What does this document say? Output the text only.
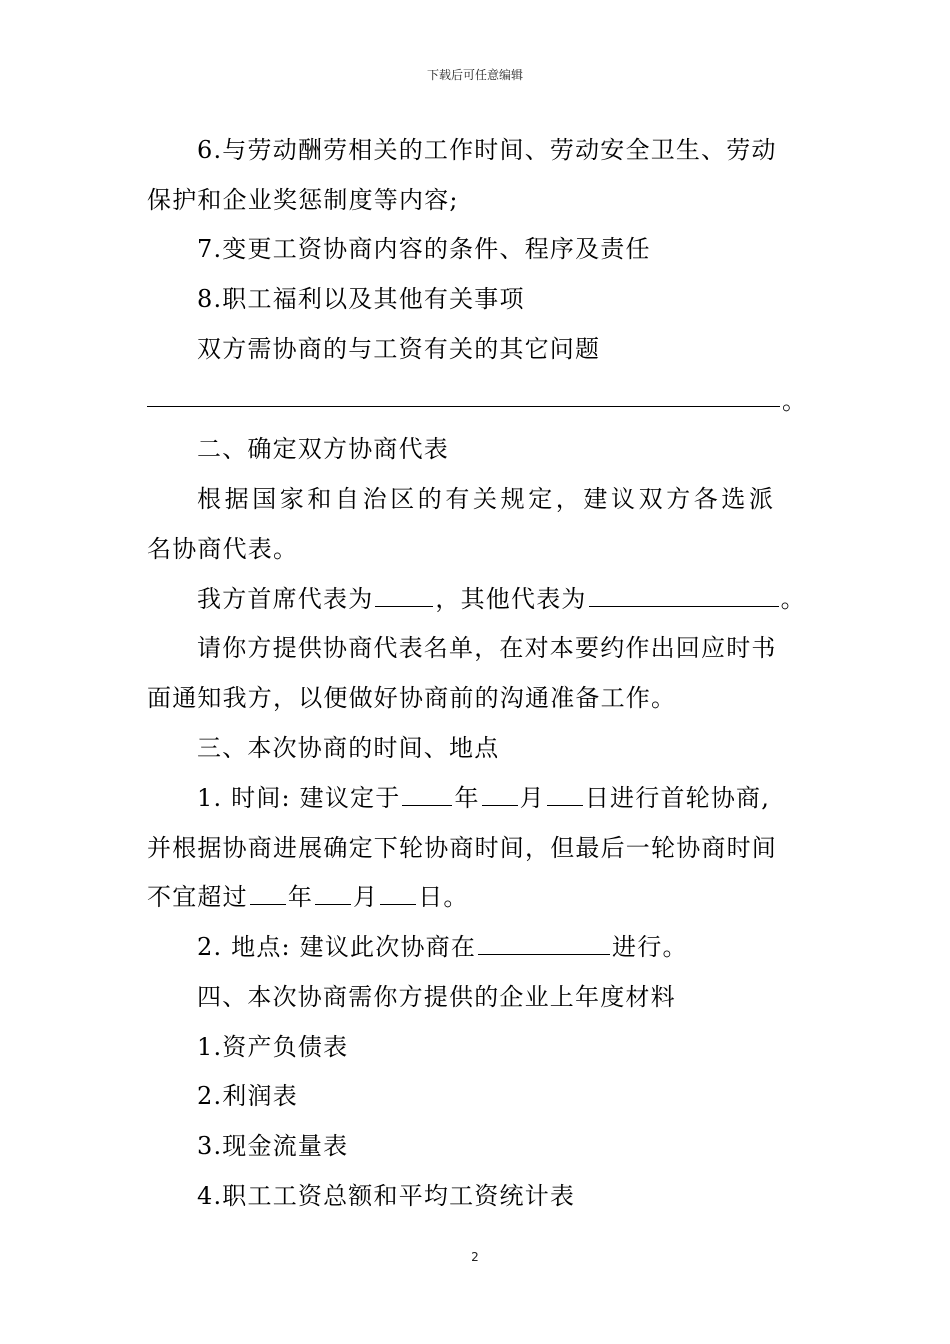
下载后可任意编辑
6.与劳动酬劳相关的工作时间、劳动安全卫生、劳动
保护和企业奖惩制度等内容;
7.变更工资协商内容的条件、程序及责任
8.职工福利以及其他有关事项
双方需协商的与工资有关的其它问题
。
二、确定双方协商代表
根据国家和自治区的有关规定，建议双方各选派
名协商代表。
我方首席代表为	，其他代表为	。
请你方提供协商代表名单，在对本要约作出回应时书
面通知我方，以便做好协商前的沟通准备工作。
三、本次协商的时间、地点
1. 时间: 建议定于 年 月 日进行首轮协商,
并根据协商进展确定下轮协商时间，但最后一轮协商时间
不宜超过 年 月 日。
2. 地点: 建议此次协商在	进行。
四、本次协商需你方提供的企业上年度材料
1.资产负债表
2.利润表
3.现金流量表
4.职工工资总额和平均工资统计表
2
